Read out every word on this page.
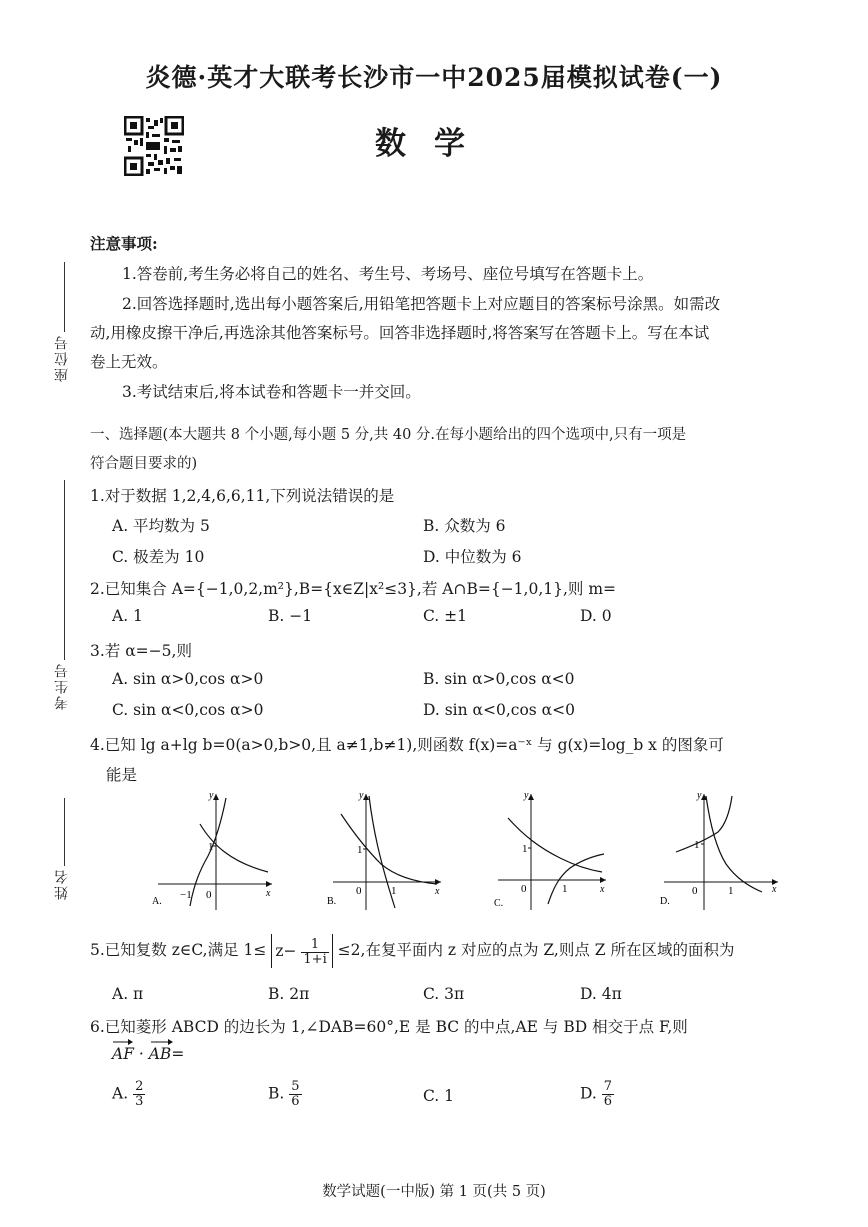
炎德·英才大联考长沙市一中2025届模拟试卷(一)
数学
座位号
考生号
姓名
注意事项:
1.答卷前,考生务必将自己的姓名、考生号、考场号、座位号填写在答题卡上。
2.回答选择题时,选出每小题答案后,用铅笔把答题卡上对应题目的答案标号涂黑。如需改
动,用橡皮擦干净后,再选涂其他答案标号。回答非选择题时,将答案写在答题卡上。写在本试
卷上无效。
3.考试结束后,将本试卷和答题卡一并交回。
一、选择题(本大题共 8 个小题,每小题 5 分,共 40 分.在每小题给出的四个选项中,只有一项是
符合题目要求的)
1.对于数据 1,2,4,6,6,11,下列说法错误的是
A. 平均数为 5	B. 众数为 6
C. 极差为 10	D. 中位数为 6
2.已知集合 A={−1,0,2,m²},B={x∈Z|x²≤3},若 A∩B={−1,0,1},则 m=
A. 1	B. −1	C. ±1	D. 0
3.若 α=−5,则
A. sin α>0,cos α>0	B. sin α>0,cos α<0
C. sin α<0,cos α>0	D. sin α<0,cos α<0
4.已知 lg a+lg b=0(a>0,b>0,且 a≠1,b≠1),则函数 f(x)=a⁻ˣ 与 g(x)=log_b x 的图象可
能是
y
x
1
−1 0
A.
y
x
1
1
0
B.
y
x
1
1
0
C.
y
x
1
1
0
D.
5.已知复数 z∈C,满足 $1\le z- \frac{1}{1+i} \le 2$,在复平面内 z 对应的点为 Z,则点 Z 所在区域的面积为
A. π	B. 2π	C. 3π	D. 4π
6.已知菱形 ABCD 的边长为 1,∠DAB=60°,E 是 BC 的中点,AE 与 BD 相交于点 F,则
AF · AB=
A. $\frac{2}{3}$	B. $\frac{5}{6}$	C. 1	D. $\frac{7}{6}$
数学试题(一中版) 第 1 页(共 5 页)
